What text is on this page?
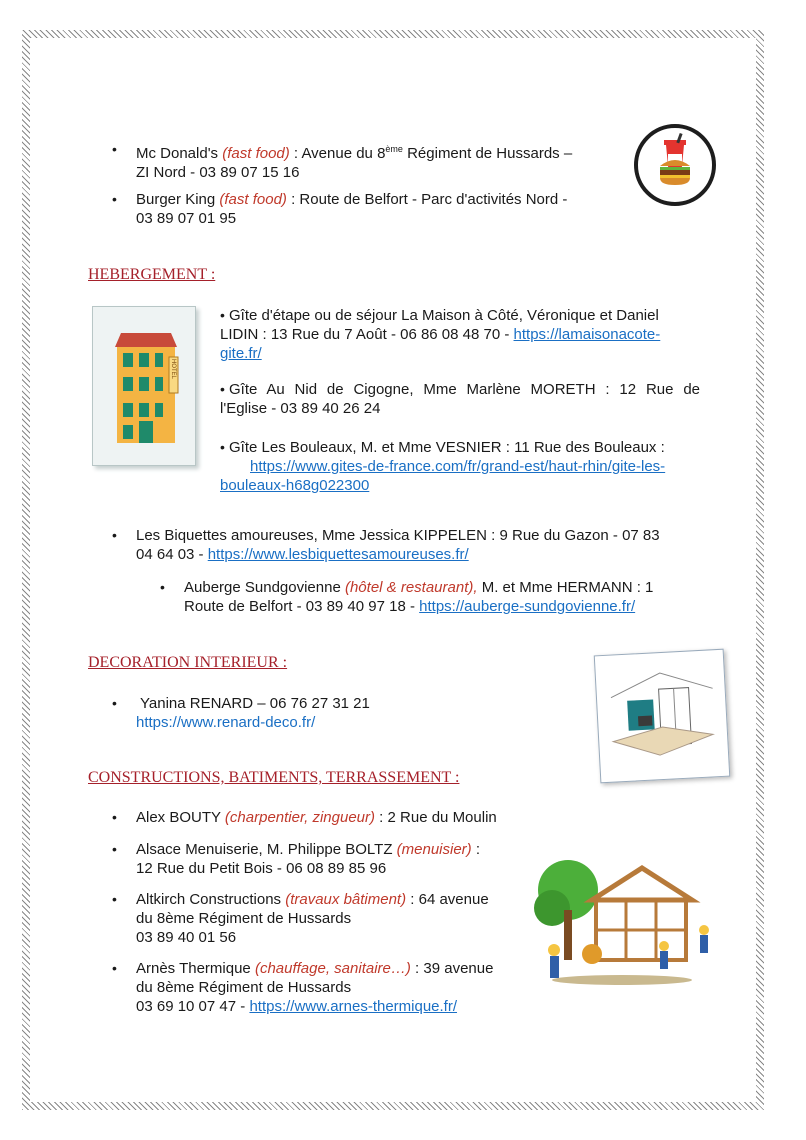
• Mc Donald's (fast food) : Avenue du 8ème Régiment de Hussards –
ZI Nord - 03 89 07 15 16
• Burger King (fast food) : Route de Belfort - Parc d'activités Nord -
03 89 07 01 95
HEBERGEMENT :
HOTEL
• Gîte d'étape ou de séjour La Maison à Côté, Véronique et Daniel
LIDIN : 13 Rue du 7 Août - 06 86 08 48 70 - https://lamaisonacote-
gite.fr/
• Gîte Au Nid de Cigogne, Mme Marlène MORETH : 12 Rue de
l'Eglise - 03 89 40 26 24
• Gîte Les Bouleaux, M. et Mme VESNIER : 11 Rue des Bouleaux :
https://www.gites-de-france.com/fr/grand-est/haut-rhin/gite-les-
bouleaux-h68g022300
• Les Biquettes amoureuses, Mme Jessica KIPPELEN : 9 Rue du Gazon - 07 83
04 64 03 - https://www.lesbiquettesamoureuses.fr/
• Auberge Sundgovienne (hôtel & restaurant), M. et Mme HERMANN : 1
Route de Belfort - 03 89 40 97 18 - https://auberge-sundgovienne.fr/
DECORATION INTERIEUR :
• Yanina RENARD – 06 76 27 31 21
https://www.renard-deco.fr/
CONSTRUCTIONS, BATIMENTS, TERRASSEMENT :
• Alex BOUTY (charpentier, zingueur) : 2 Rue du Moulin
• Alsace Menuiserie, M. Philippe BOLTZ (menuisier) :
12 Rue du Petit Bois - 06 08 89 85 96
• Altkirch Constructions (travaux bâtiment) : 64 avenue
du 8ème Régiment de Hussards
03 89 40 01 56
• Arnès Thermique (chauffage, sanitaire…) : 39 avenue
du 8ème Régiment de Hussards
03 69 10 07 47 - https://www.arnes-thermique.fr/
